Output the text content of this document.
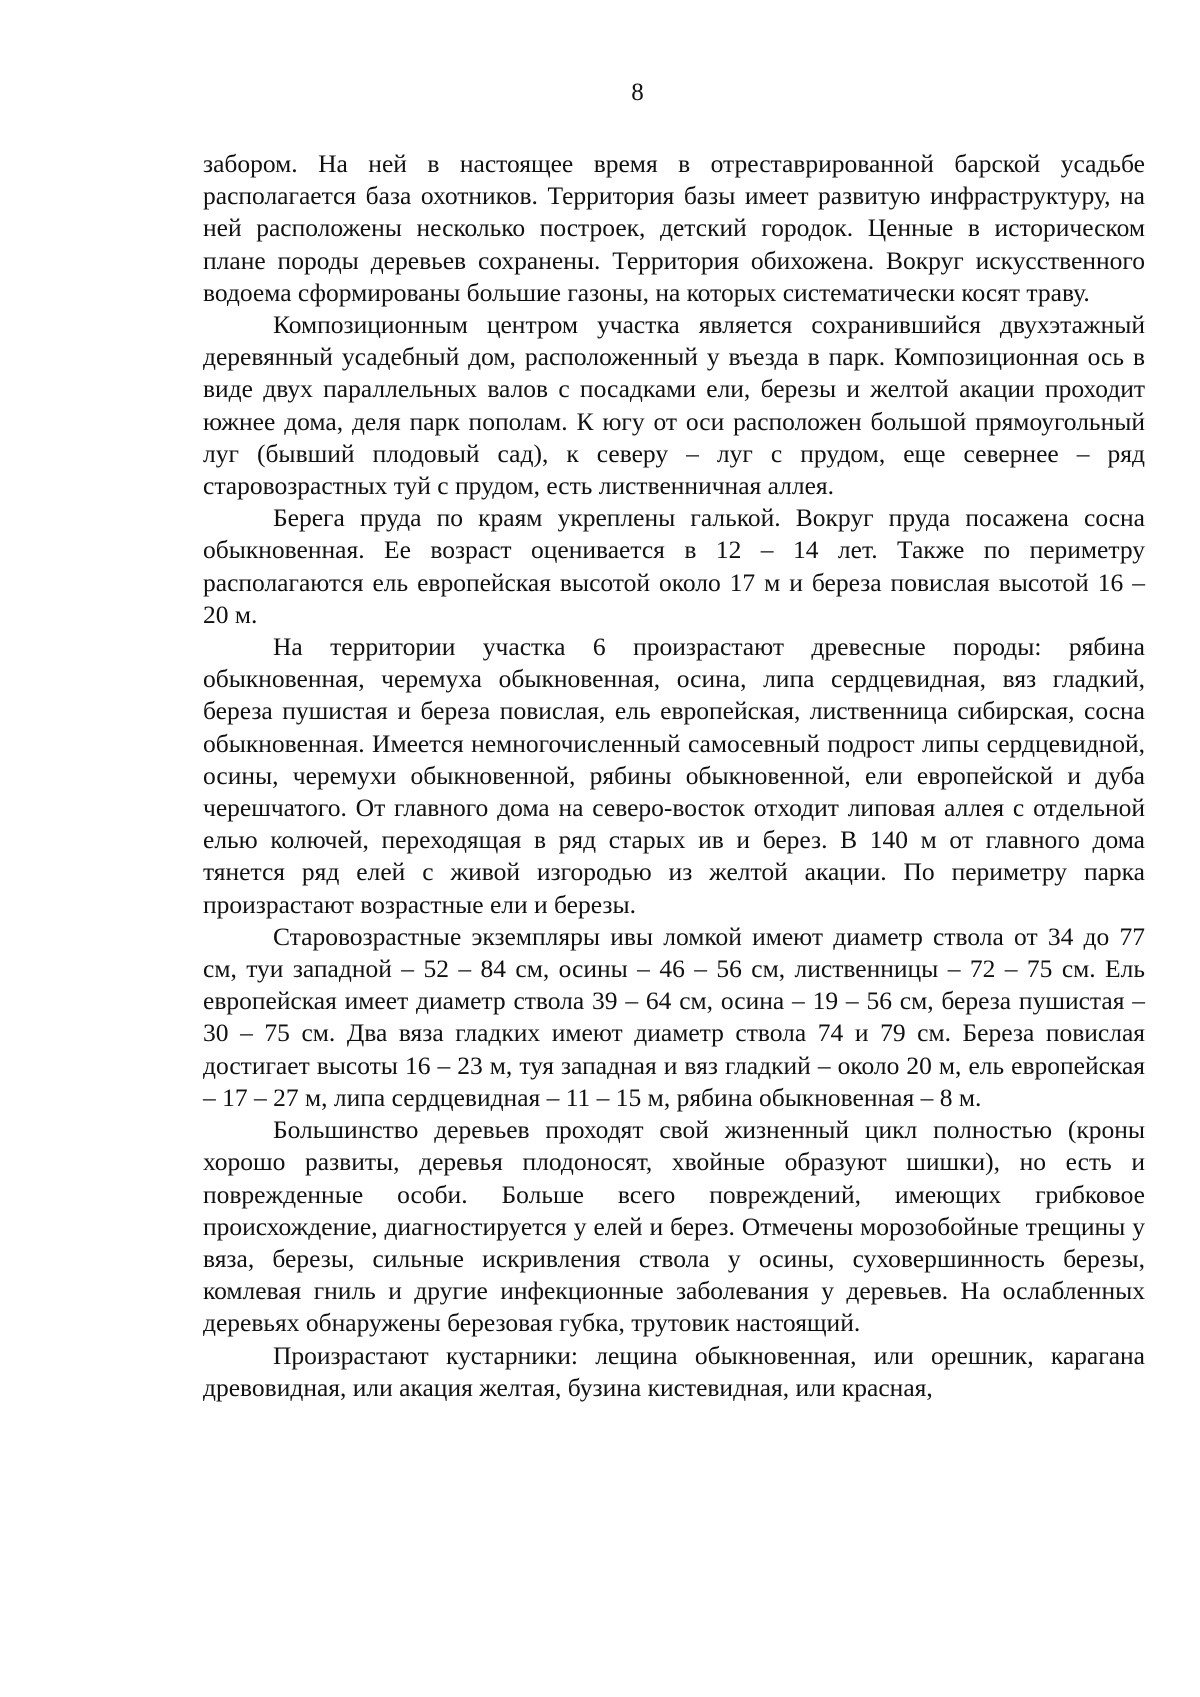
8

забором. На ней в настоящее время в отреставрированной барской усадьбе располагается база охотников. Территория базы имеет развитую инфраструктуру, на ней расположены несколько построек, детский городок. Ценные в историческом плане породы деревьев сохранены. Территория обихожена. Вокруг искусственного водоема сформированы большие газоны, на которых систематически косят траву.

Композиционным центром участка является сохранившийся двухэтажный деревянный усадебный дом, расположенный у въезда в парк. Композиционная ось в виде двух параллельных валов с посадками ели, березы и желтой акации проходит южнее дома, деля парк пополам. К югу от оси расположен большой прямоугольный луг (бывший плодовый сад), к северу – луг с прудом, еще севернее – ряд старовозрастных туй с прудом, есть лиственничная аллея.

Берега пруда по краям укреплены галькой. Вокруг пруда посажена сосна обыкновенная. Ее возраст оценивается в 12 – 14 лет. Также по периметру располагаются ель европейская высотой около 17 м и береза повислая высотой 16 – 20 м.

На территории участка 6 произрастают древесные породы: рябина обыкновенная, черемуха обыкновенная, осина, липа сердцевидная, вяз гладкий, береза пушистая и береза повислая, ель европейская, лиственница сибирская, сосна обыкновенная. Имеется немногочисленный самосевный подрост липы сердцевидной, осины, черемухи обыкновенной, рябины обыкновенной, ели европейской и дуба черешчатого. От главного дома на северо-восток отходит липовая аллея с отдельной елью колючей, переходящая в ряд старых ив и берез. В 140 м от главного дома тянется ряд елей с живой изгородью из желтой акации. По периметру парка произрастают возрастные ели и березы.

Старовозрастные экземпляры ивы ломкой имеют диаметр ствола от 34 до 77 см, туи западной – 52 – 84 см, осины – 46 – 56 см, лиственницы – 72 – 75 см. Ель европейская имеет диаметр ствола 39 – 64 см, осина – 19 – 56 см, береза пушистая – 30 – 75 см. Два вяза гладких имеют диаметр ствола 74 и 79 см. Береза повислая достигает высоты 16 – 23 м, туя западная и вяз гладкий – около 20 м, ель европейская – 17 – 27 м, липа сердцевидная – 11 – 15 м, рябина обыкновенная – 8 м.

Большинство деревьев проходят свой жизненный цикл полностью (кроны хорошо развиты, деревья плодоносят, хвойные образуют шишки), но есть и поврежденные особи. Больше всего повреждений, имеющих грибковое происхождение, диагностируется у елей и берез. Отмечены морозобойные трещины у вяза, березы, сильные искривления ствола у осины, суховершинность березы, комлевая гниль и другие инфекционные заболевания у деревьев. На ослабленных деревьях обнаружены березовая губка, трутовик настоящий.

Произрастают кустарники: лещина обыкновенная, или орешник, карагана древовидная, или акация желтая, бузина кистевидная, или красная,
